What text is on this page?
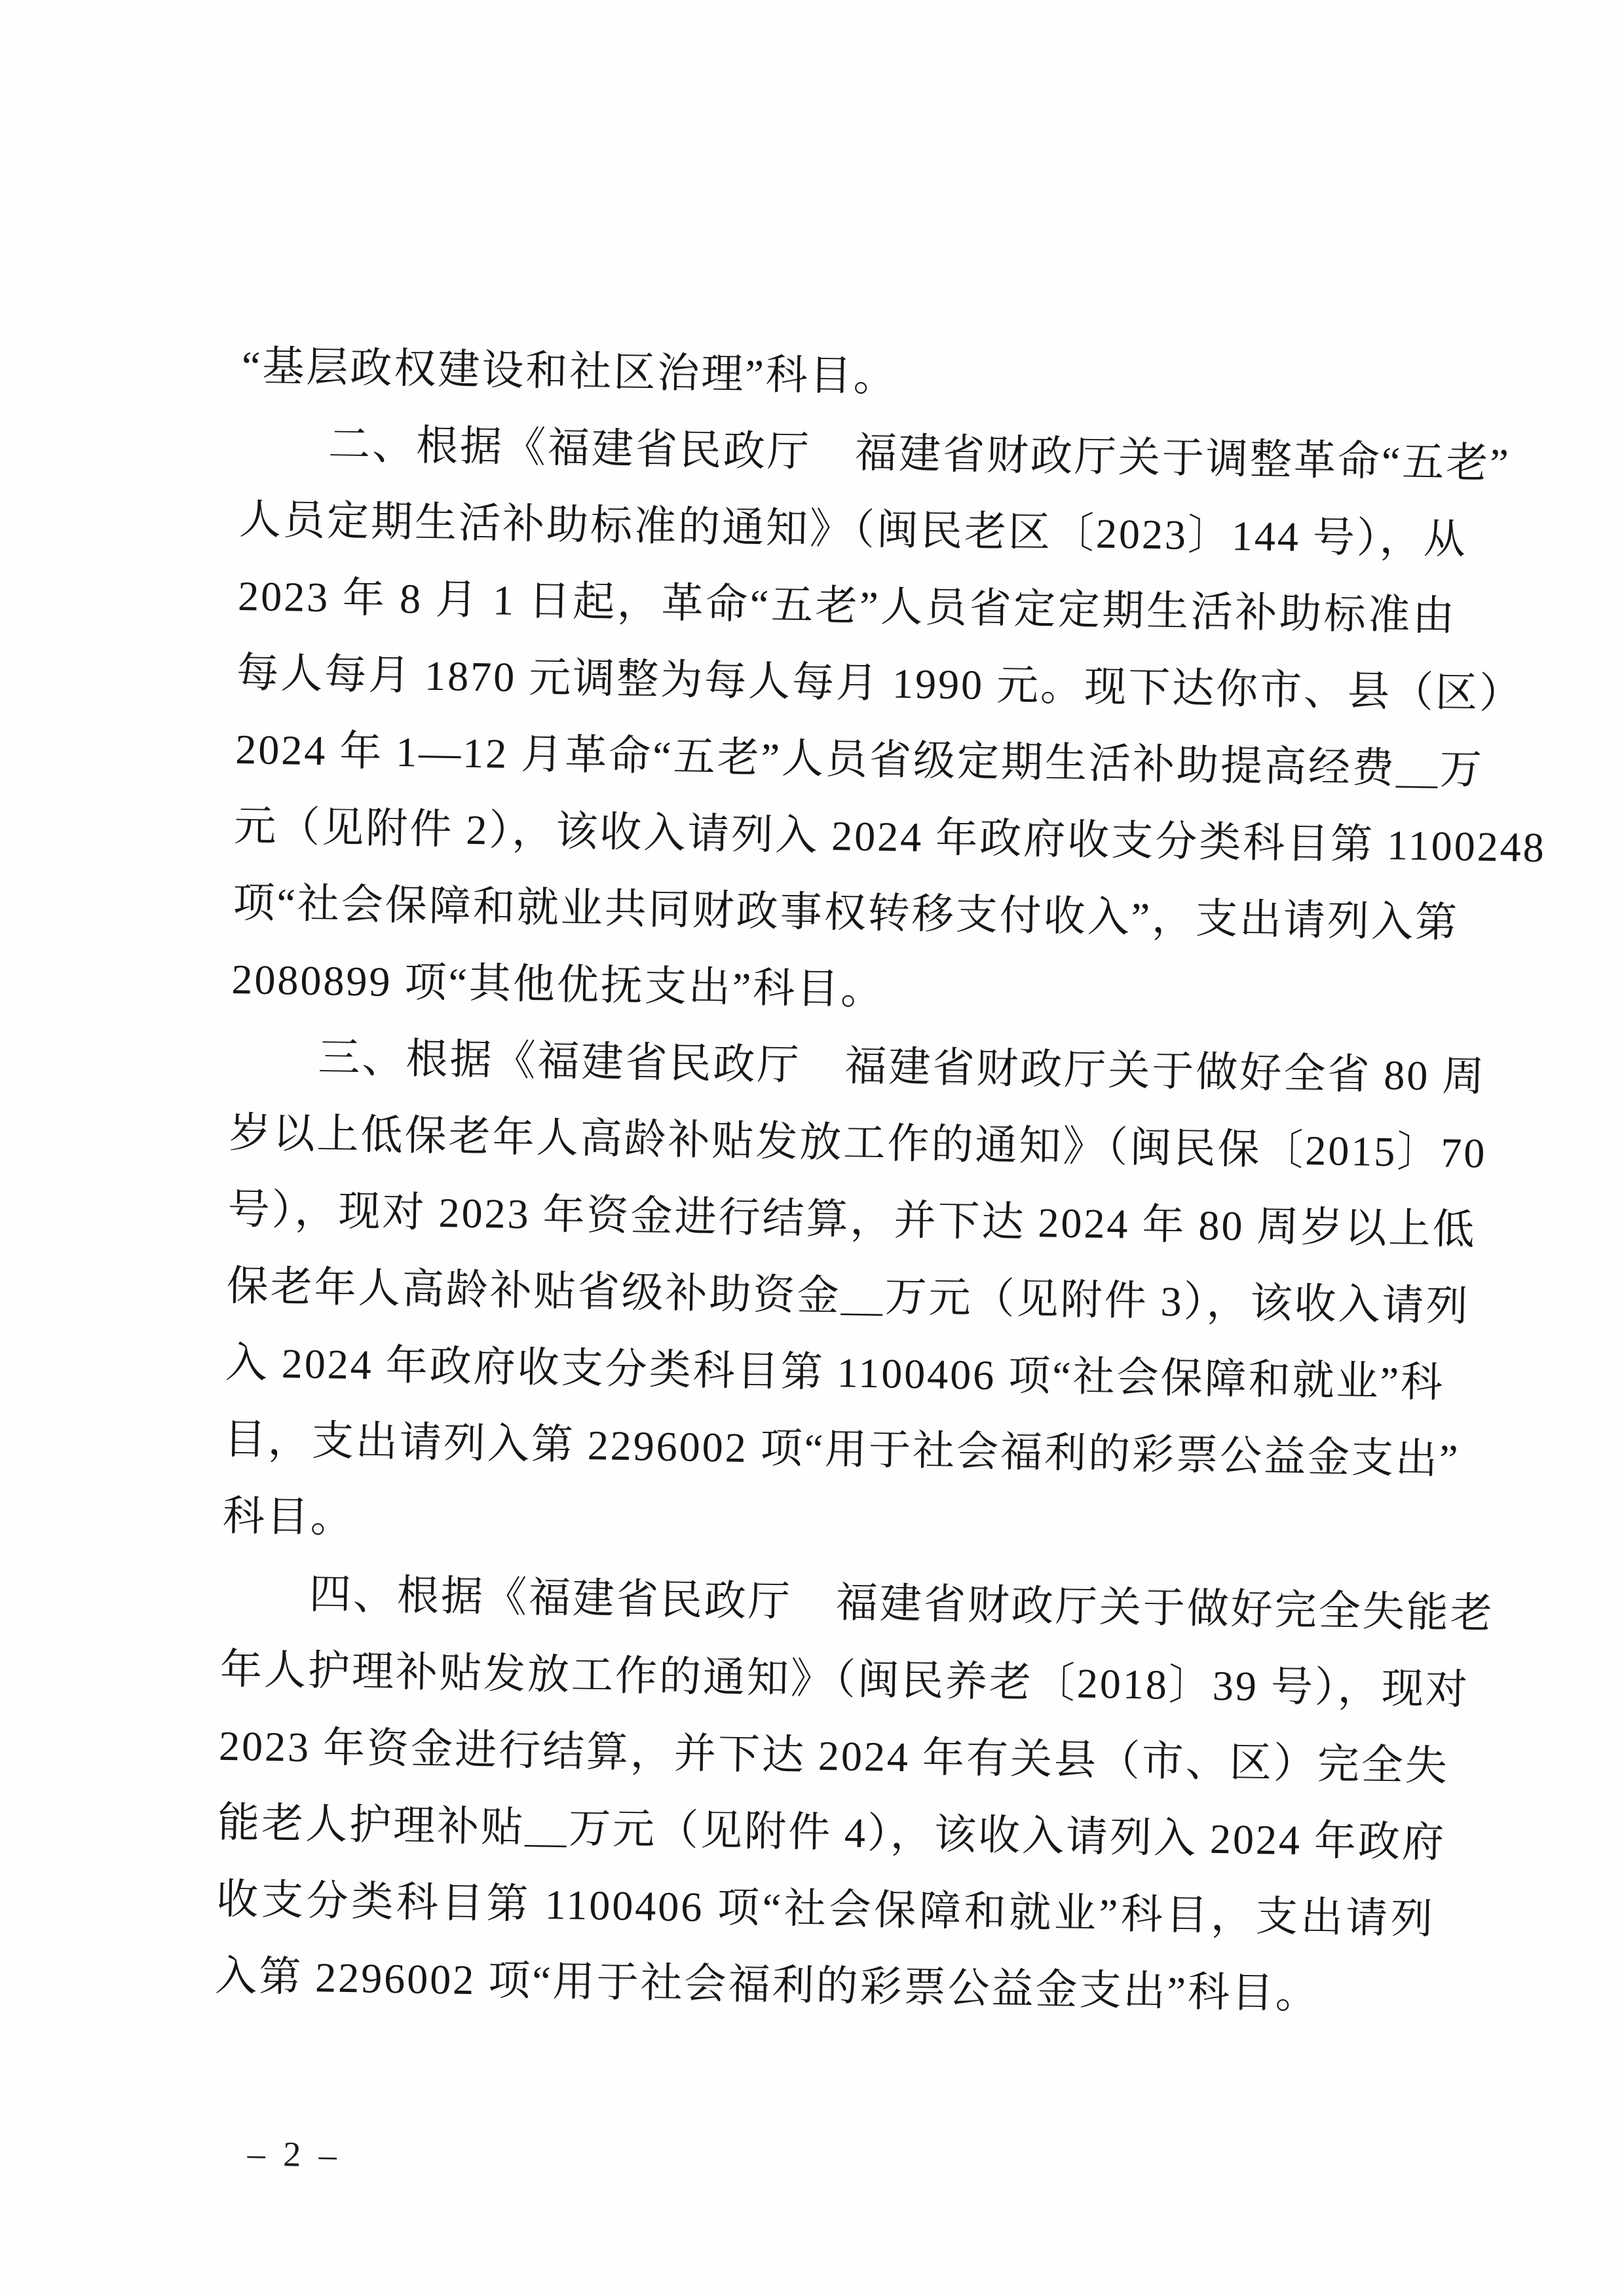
“基层政权建设和社区治理”科目。
　　二、根据《福建省民政厅　福建省财政厅关于调整革命“五老”
人员定期生活补助标准的通知》（闽民老区〔2023〕144 号），从
2023 年 8 月 1 日起，革命“五老”人员省定定期生活补助标准由
每人每月 1870 元调整为每人每月 1990 元。现下达你市、县（区）
2024 年 1—12 月革命“五老”人员省级定期生活补助提高经费＿万
元（见附件 2），该收入请列入 2024 年政府收支分类科目第 1100248
项“社会保障和就业共同财政事权转移支付收入”，支出请列入第
2080899 项“其他优抚支出”科目。
　　三、根据《福建省民政厅　福建省财政厅关于做好全省 80 周
岁以上低保老年人高龄补贴发放工作的通知》（闽民保〔2015〕70
号），现对 2023 年资金进行结算，并下达 2024 年 80 周岁以上低
保老年人高龄补贴省级补助资金＿万元（见附件 3），该收入请列
入 2024 年政府收支分类科目第 1100406 项“社会保障和就业”科
目，支出请列入第 2296002 项“用于社会福利的彩票公益金支出”
科目。
　　四、根据《福建省民政厅　福建省财政厅关于做好完全失能老
年人护理补贴发放工作的通知》（闽民养老〔2018〕39 号），现对
2023 年资金进行结算，并下达 2024 年有关县（市、区）完全失
能老人护理补贴＿万元（见附件 4），该收入请列入 2024 年政府
收支分类科目第 1100406 项“社会保障和就业”科目，支出请列
入第 2296002 项“用于社会福利的彩票公益金支出”科目。
– 2 –
